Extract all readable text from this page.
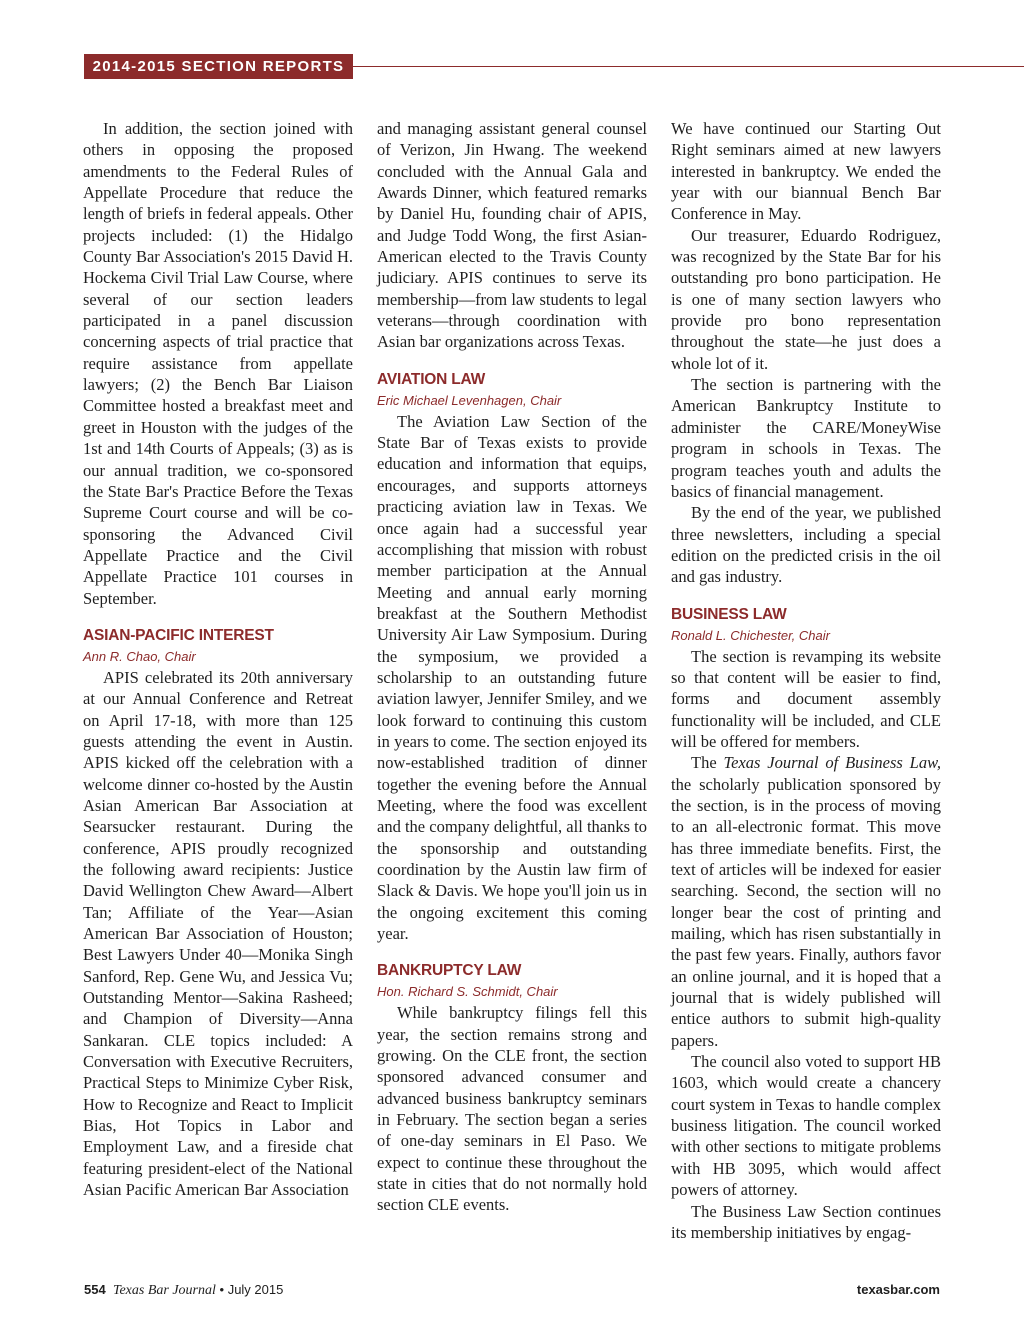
2014-2015 SECTION REPORTS

In addition, the section joined with others in opposing the proposed amendments to the Federal Rules of Appellate Procedure that reduce the length of briefs in federal appeals. Other projects included: (1) the Hidalgo County Bar Association's 2015 David H. Hockema Civil Trial Law Course, where several of our section leaders participated in a panel discussion concerning aspects of trial practice that require assistance from appellate lawyers; (2) the Bench Bar Liaison Committee hosted a breakfast meet and greet in Houston with the judges of the 1st and 14th Courts of Appeals; (3) as is our annual tradition, we co-sponsored the State Bar's Practice Before the Texas Supreme Court course and will be co-sponsoring the Advanced Civil Appellate Practice and the Civil Appellate Practice 101 courses in September.

ASIAN-PACIFIC INTEREST

Ann R. Chao, Chair

APIS celebrated its 20th anniversary at our Annual Conference and Retreat on April 17-18, with more than 125 guests attending the event in Austin. APIS kicked off the celebration with a welcome dinner co-hosted by the Austin Asian American Bar Association at Searsucker restaurant. During the conference, APIS proudly recognized the following award recipients: Justice David Wellington Chew Award—Albert Tan; Affiliate of the Year—Asian American Bar Association of Houston; Best Lawyers Under 40—Monika Singh Sanford, Rep. Gene Wu, and Jessica Vu; Outstanding Mentor—Sakina Rasheed; and Champion of Diversity—Anna Sankaran. CLE topics included: A Conversation with Executive Recruiters, Practical Steps to Minimize Cyber Risk, How to Recognize and React to Implicit Bias, Hot Topics in Labor and Employment Law, and a fireside chat featuring president-elect of the National Asian Pacific American Bar Association

and managing assistant general counsel of Verizon, Jin Hwang. The weekend concluded with the Annual Gala and Awards Dinner, which featured remarks by Daniel Hu, founding chair of APIS, and Judge Todd Wong, the first Asian-American elected to the Travis County judiciary. APIS continues to serve its membership—from law students to legal veterans—through coordination with Asian bar organizations across Texas.

AVIATION LAW

Eric Michael Levenhagen, Chair

The Aviation Law Section of the State Bar of Texas exists to provide education and information that equips, encourages, and supports attorneys practicing aviation law in Texas. We once again had a successful year accomplishing that mission with robust member participation at the Annual Meeting and annual early morning breakfast at the Southern Methodist University Air Law Symposium. During the symposium, we provided a scholarship to an outstanding future aviation lawyer, Jennifer Smiley, and we look forward to continuing this custom in years to come. The section enjoyed its now-established tradition of dinner together the evening before the Annual Meeting, where the food was excellent and the company delightful, all thanks to the sponsorship and outstanding coordination by the Austin law firm of Slack & Davis. We hope you'll join us in the ongoing excitement this coming year.

BANKRUPTCY LAW

Hon. Richard S. Schmidt, Chair

While bankruptcy filings fell this year, the section remains strong and growing. On the CLE front, the section sponsored advanced consumer and advanced business bankruptcy seminars in February. The section began a series of one-day seminars in El Paso. We expect to continue these throughout the state in cities that do not normally hold section CLE events.

We have continued our Starting Out Right seminars aimed at new lawyers interested in bankruptcy. We ended the year with our biannual Bench Bar Conference in May.

Our treasurer, Eduardo Rodriguez, was recognized by the State Bar for his outstanding pro bono participation. He is one of many section lawyers who provide pro bono representation throughout the state—he just does a whole lot of it.

The section is partnering with the American Bankruptcy Institute to administer the CARE/MoneyWise program in schools in Texas. The program teaches youth and adults the basics of financial management.

By the end of the year, we published three newsletters, including a special edition on the predicted crisis in the oil and gas industry.

BUSINESS LAW

Ronald L. Chichester, Chair

The section is revamping its website so that content will be easier to find, forms and document assembly functionality will be included, and CLE will be offered for members.

The Texas Journal of Business Law, the scholarly publication sponsored by the section, is in the process of moving to an all-electronic format. This move has three immediate benefits. First, the text of articles will be indexed for easier searching. Second, the section will no longer bear the cost of printing and mailing, which has risen substantially in the past few years. Finally, authors favor an online journal, and it is hoped that a journal that is widely published will entice authors to submit high-quality papers.

The council also voted to support HB 1603, which would create a chancery court system in Texas to handle complex business litigation. The council worked with other sections to mitigate problems with HB 3095, which would affect powers of attorney.

The Business Law Section continues its membership initiatives by engag-

554 Texas Bar Journal • July 2015	texasbar.com
